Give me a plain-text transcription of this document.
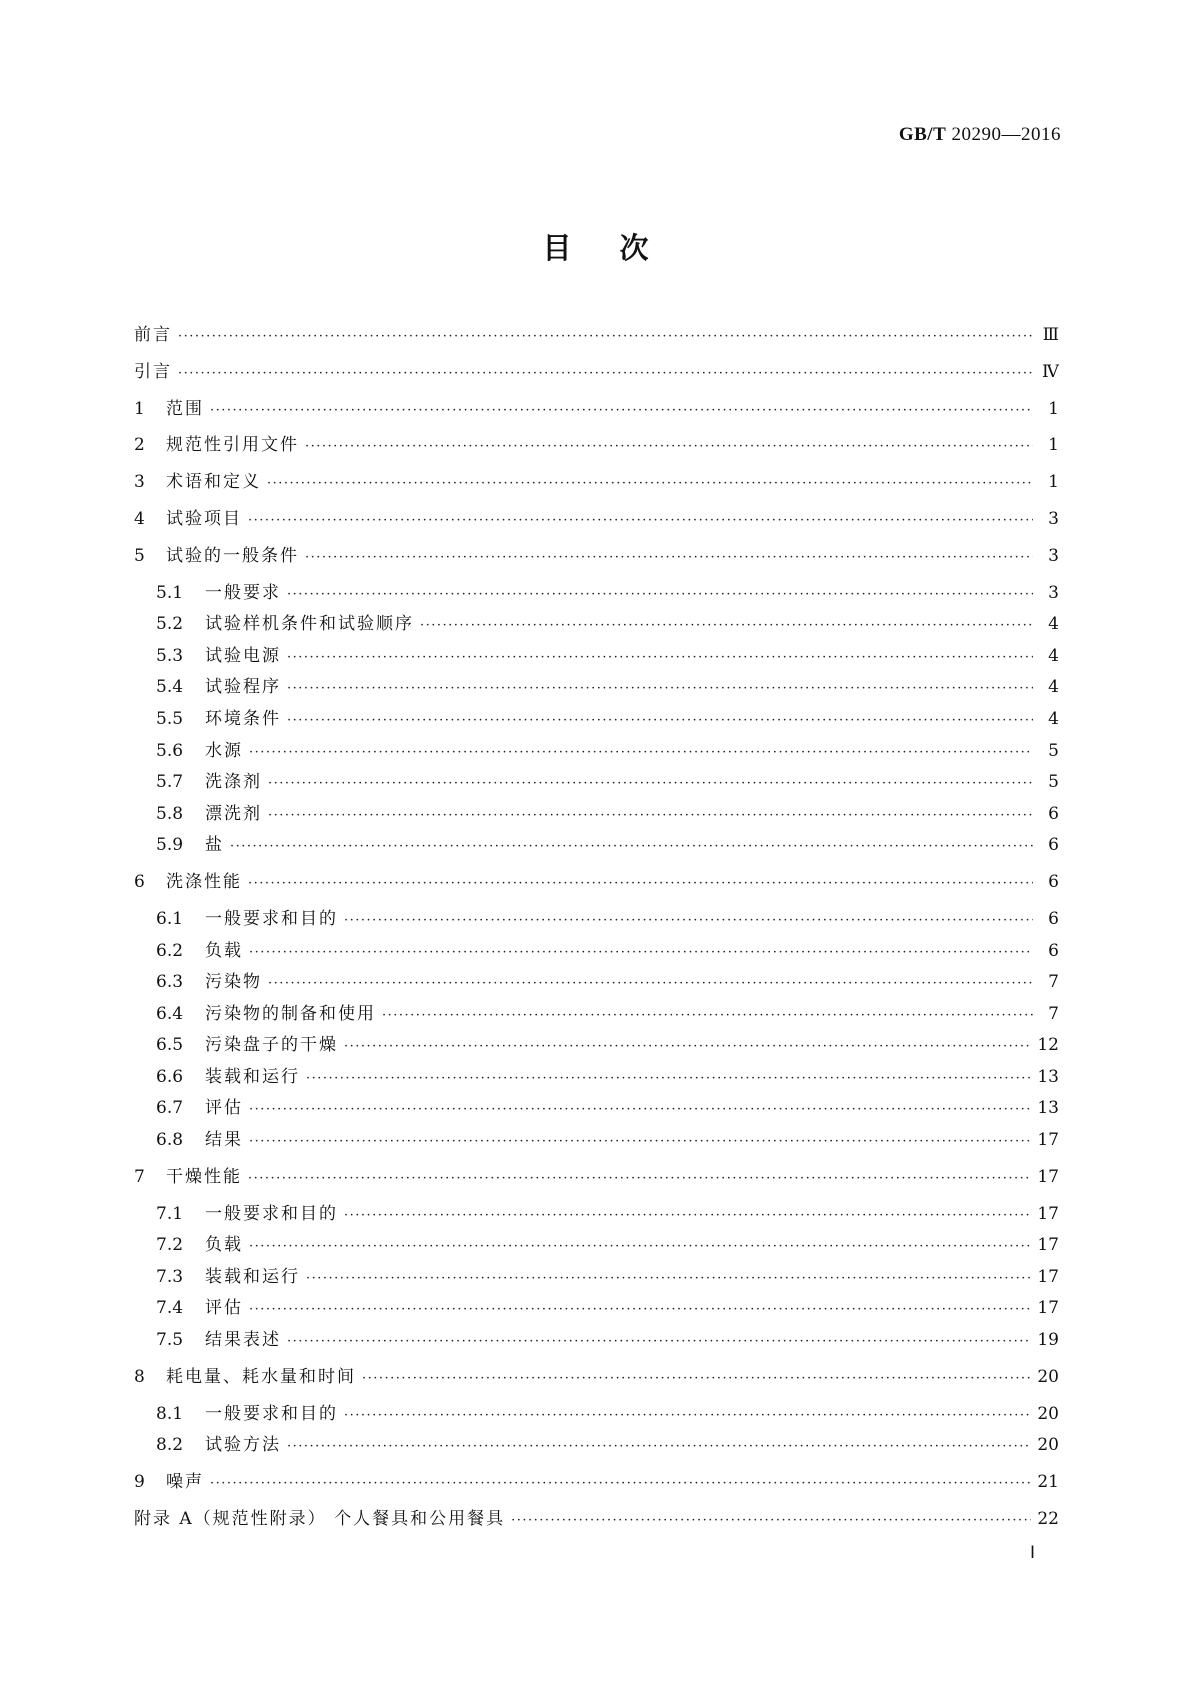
GB/T 20290—2016
目次
前言 ·····	Ⅲ
引言 ·····	Ⅳ
1	范围 ·····	1
2	规范性引用文件 ·····	1
3	术语和定义 ·····	1
4	试验项目 ·····	3
5	试验的一般条件 ·····	3
5.1	一般要求 ·····	3
5.2	试验样机条件和试验顺序 ·····	4
5.3	试验电源 ·····	4
5.4	试验程序 ·····	4
5.5	环境条件 ·····	4
5.6	水源 ·····	5
5.7	洗涤剂 ·····	5
5.8	漂洗剂 ·····	6
5.9	盐 ·····	6
6	洗涤性能 ·····	6
6.1	一般要求和目的 ·····	6
6.2	负载 ·····	6
6.3	污染物 ·····	7
6.4	污染物的制备和使用 ·····	7
6.5	污染盘子的干燥 ·····	12
6.6	装载和运行 ·····	13
6.7	评估 ·····	13
6.8	结果 ·····	17
7	干燥性能 ·····	17
7.1	一般要求和目的 ·····	17
7.2	负载 ·····	17
7.3	装载和运行 ·····	17
7.4	评估 ·····	17
7.5	结果表述 ·····	19
8	耗电量、耗水量和时间 ·····	20
8.1	一般要求和目的 ·····	20
8.2	试验方法 ·····	20
9	噪声 ·····	21
附录 A（规范性附录） 个人餐具和公用餐具 ·····	22
Ⅰ
